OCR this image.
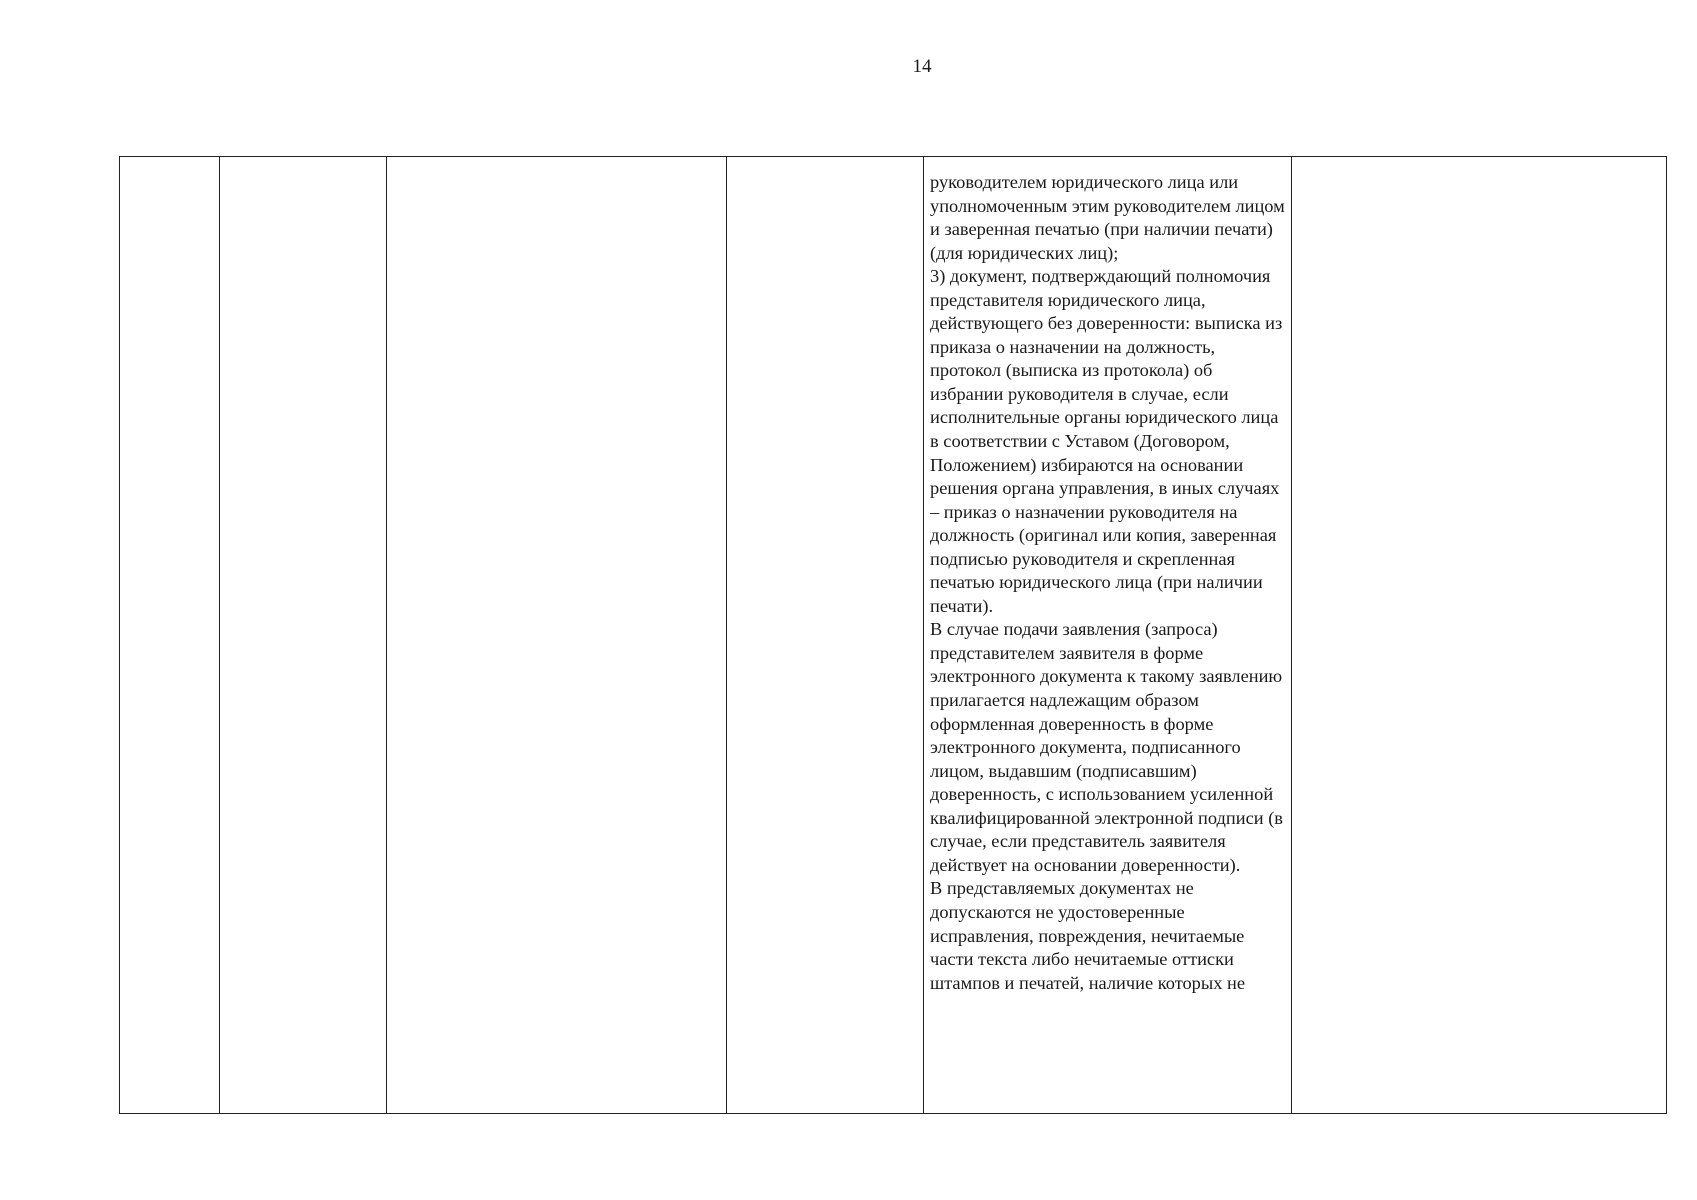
14

руководителем юридического лица или уполномоченным этим руководителем лицом и заверенная печатью (при наличии печати) (для юридических лиц);

3) документ, подтверждающий полномочия представителя юридического лица, действующего без доверенности: выписка из приказа о назначении на должность, протокол (выписка из протокола) об избрании руководителя в случае, если исполнительные органы юридического лица в соответствии с Уставом (Договором, Положением) избираются на основании решения органа управления, в иных случаях – приказ о назначении руководителя на должность (оригинал или копия, заверенная подписью руководителя и скрепленная печатью юридического лица (при наличии печати).

В случае подачи заявления (запроса) представителем заявителя в форме электронного документа к такому заявлению прилагается надлежащим образом оформленная доверенность в форме электронного документа, подписанного лицом, выдавшим (подписавшим) доверенность, с использованием усиленной квалифицированной электронной подписи (в случае, если представитель заявителя действует на основании доверенности).

В представляемых документах не допускаются не удостоверенные исправления, повреждения, нечитаемые части текста либо нечитаемые оттиски штампов и печатей, наличие которых не
